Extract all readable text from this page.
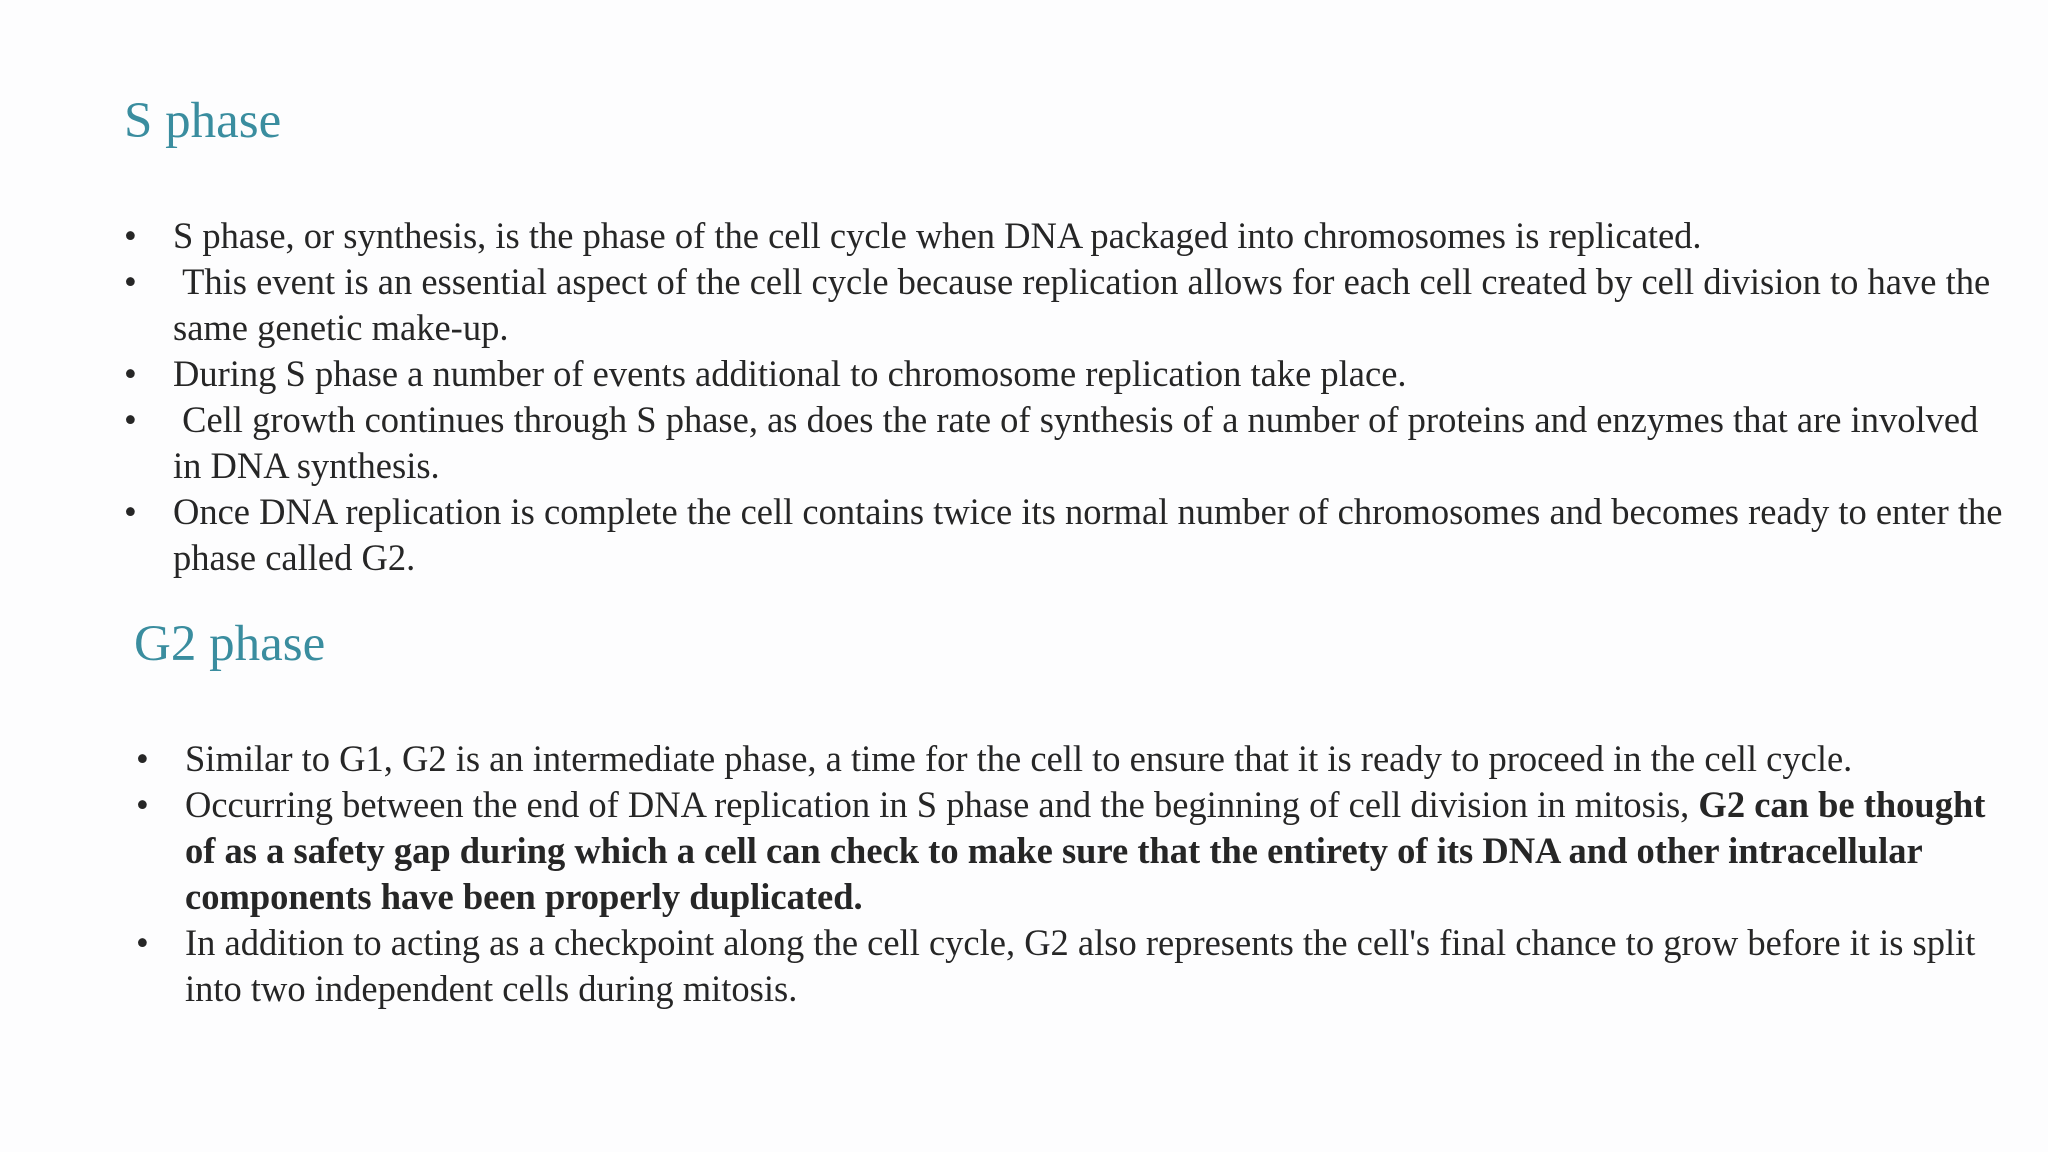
S phase
• S phase, or synthesis, is the phase of the cell cycle when DNA packaged into chromosomes is replicated.
• This event is an essential aspect of the cell cycle because replication allows for each cell created by cell division to have the same genetic make-up.
• During S phase a number of events additional to chromosome replication take place.
• Cell growth continues through S phase, as does the rate of synthesis of a number of proteins and enzymes that are involved in DNA synthesis.
• Once DNA replication is complete the cell contains twice its normal number of chromosomes and becomes ready to enter the phase called G2.
G2 phase
• Similar to G1, G2 is an intermediate phase, a time for the cell to ensure that it is ready to proceed in the cell cycle.
• Occurring between the end of DNA replication in S phase and the beginning of cell division in mitosis, G2 can be thought of as a safety gap during which a cell can check to make sure that the entirety of its DNA and other intracellular components have been properly duplicated.
• In addition to acting as a checkpoint along the cell cycle, G2 also represents the cell's final chance to grow before it is split into two independent cells during mitosis.
